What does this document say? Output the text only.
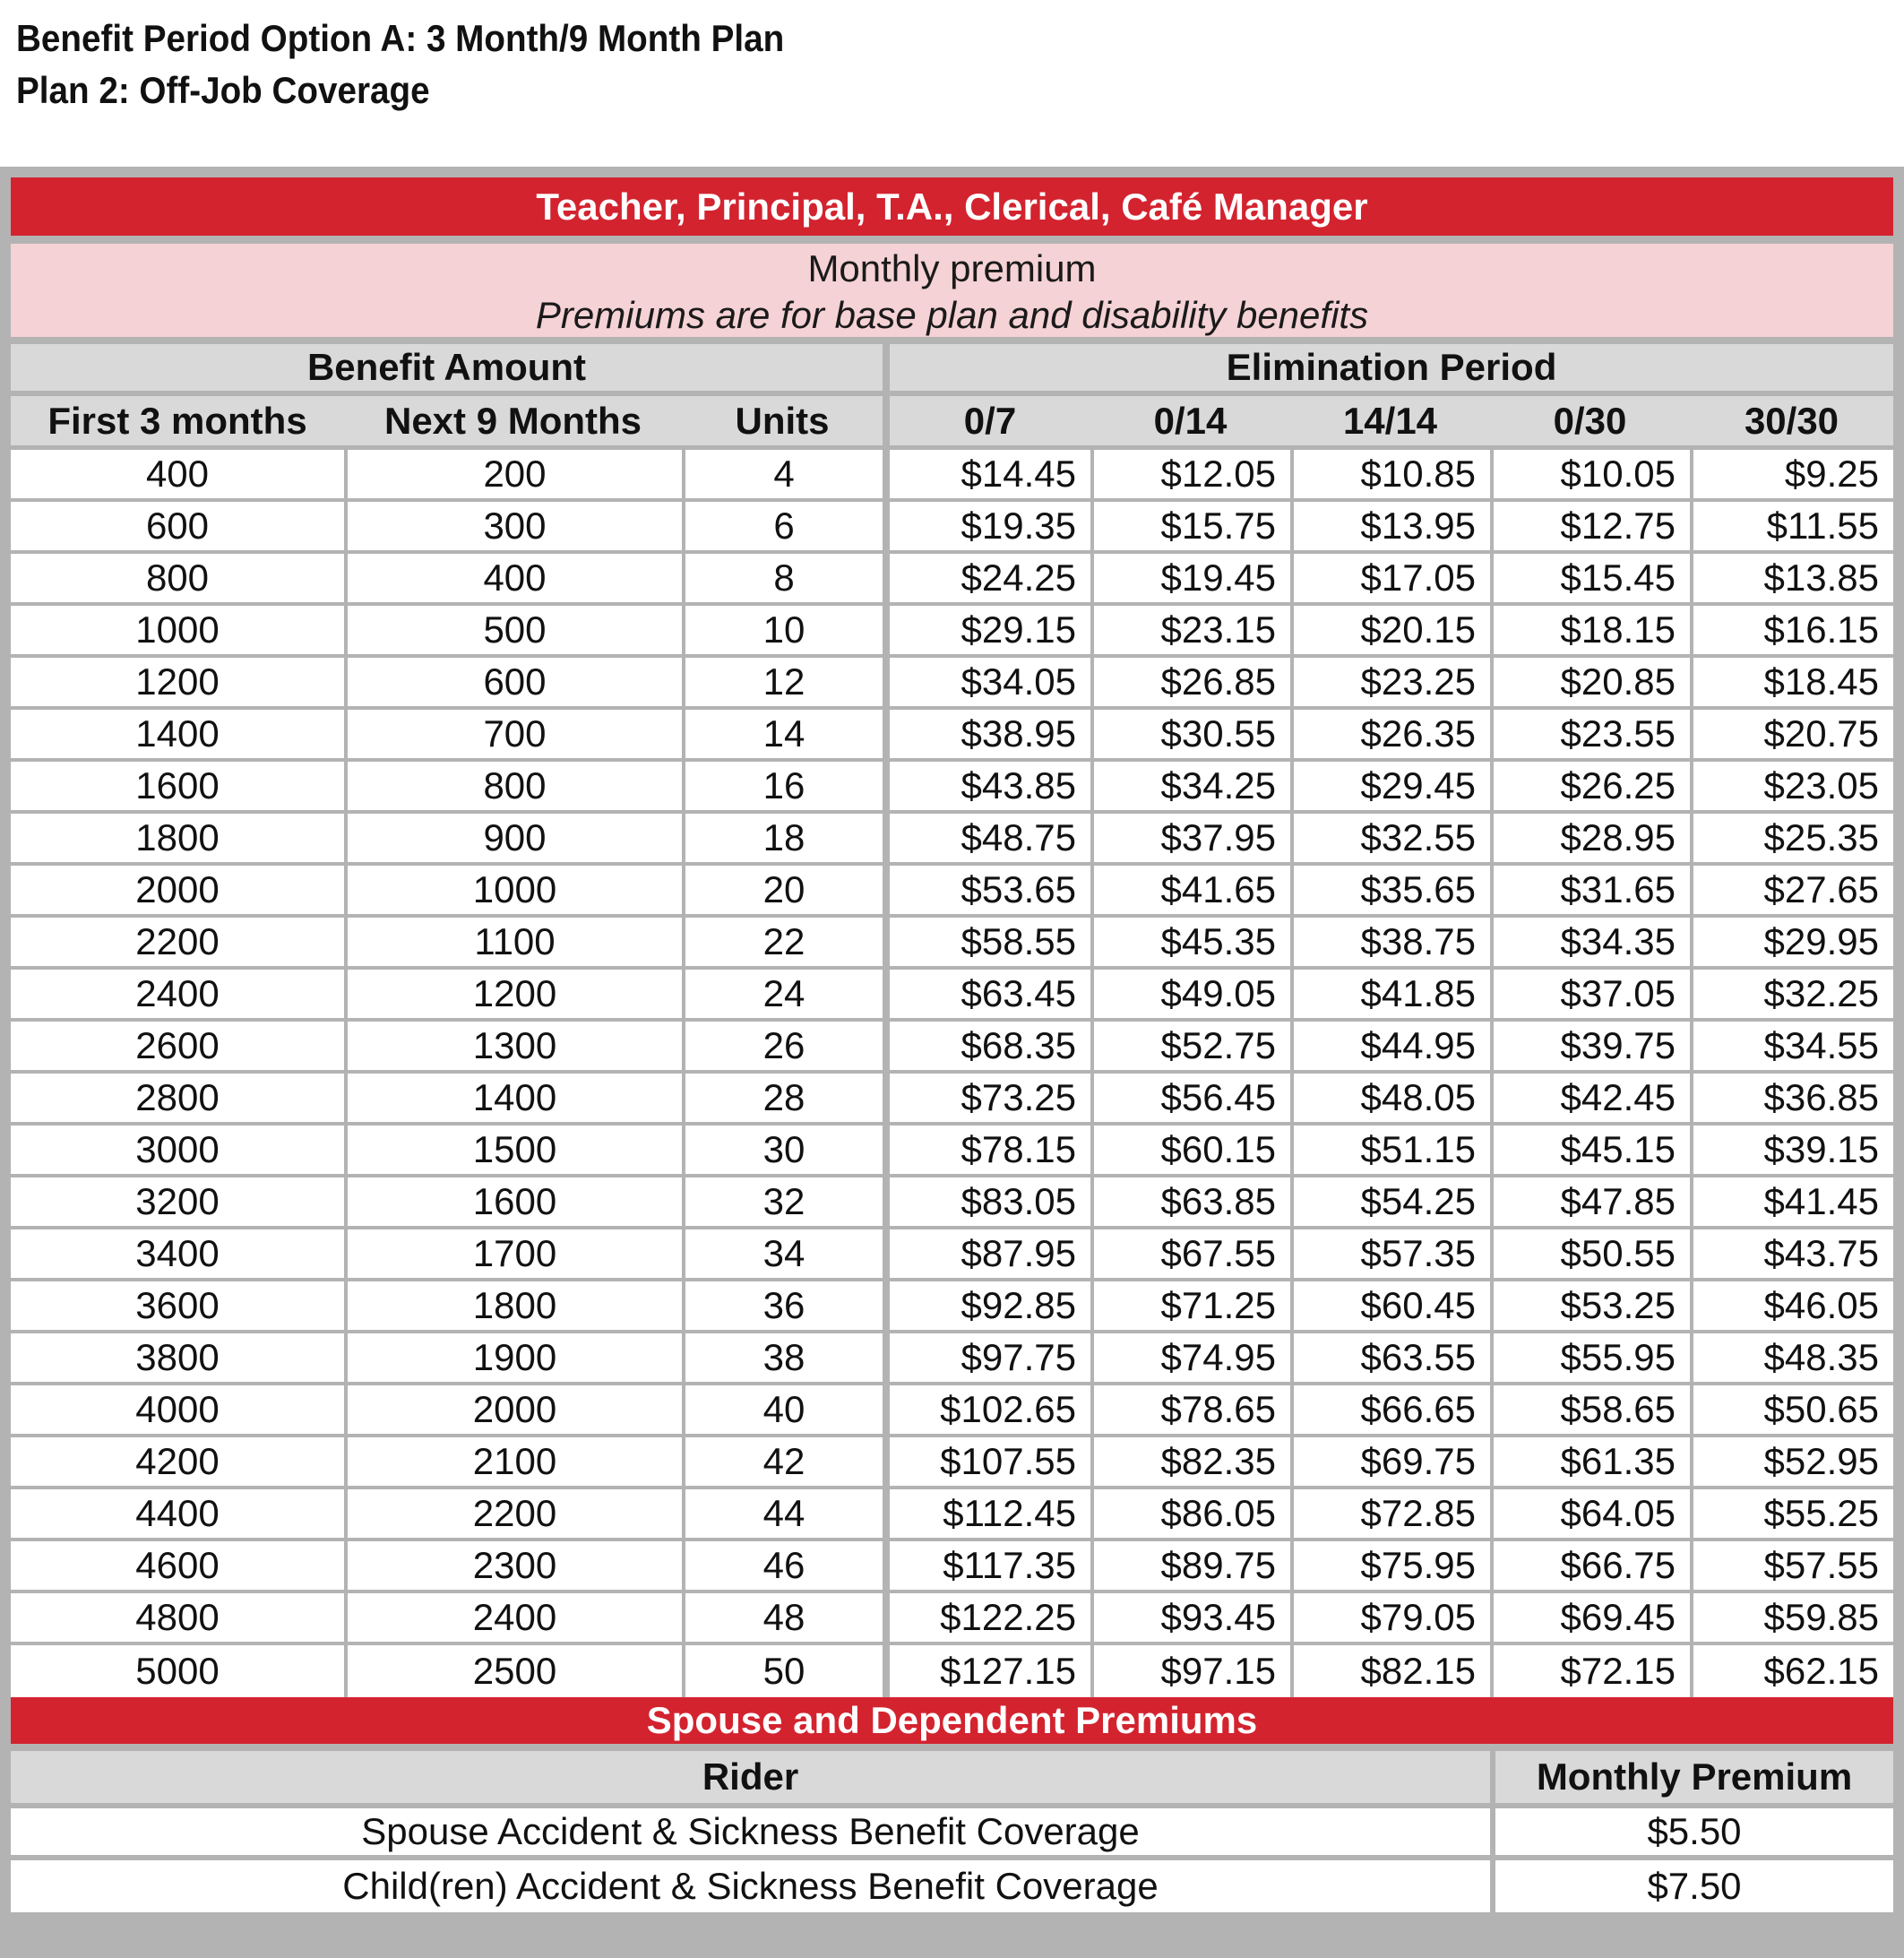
Benefit Period Option A: 3 Month/9 Month Plan
Plan 2: Off-Job Coverage
Teacher, Principal, T.A., Clerical, Café Manager							
Monthly premium							
Premiums are for base plan and disability benefits							
Benefit Amount			Elimination Period				
First 3 months	Next 9 Months	Units	0/7	0/14	14/14	0/30	30/30
400	200	4	$14.45	$12.05	$10.85	$10.05	$9.25
600	300	6	$19.35	$15.75	$13.95	$12.75	$11.55
800	400	8	$24.25	$19.45	$17.05	$15.45	$13.85
1000	500	10	$29.15	$23.15	$20.15	$18.15	$16.15
1200	600	12	$34.05	$26.85	$23.25	$20.85	$18.45
1400	700	14	$38.95	$30.55	$26.35	$23.55	$20.75
1600	800	16	$43.85	$34.25	$29.45	$26.25	$23.05
1800	900	18	$48.75	$37.95	$32.55	$28.95	$25.35
2000	1000	20	$53.65	$41.65	$35.65	$31.65	$27.65
2200	1100	22	$58.55	$45.35	$38.75	$34.35	$29.95
2400	1200	24	$63.45	$49.05	$41.85	$37.05	$32.25
2600	1300	26	$68.35	$52.75	$44.95	$39.75	$34.55
2800	1400	28	$73.25	$56.45	$48.05	$42.45	$36.85
3000	1500	30	$78.15	$60.15	$51.15	$45.15	$39.15
3200	1600	32	$83.05	$63.85	$54.25	$47.85	$41.45
3400	1700	34	$87.95	$67.55	$57.35	$50.55	$43.75
3600	1800	36	$92.85	$71.25	$60.45	$53.25	$46.05
3800	1900	38	$97.75	$74.95	$63.55	$55.95	$48.35
4000	2000	40	$102.65	$78.65	$66.65	$58.65	$50.65
4200	2100	42	$107.55	$82.35	$69.75	$61.35	$52.95
4400	2200	44	$112.45	$86.05	$72.85	$64.05	$55.25
4600	2300	46	$117.35	$89.75	$75.95	$66.75	$57.55
4800	2400	48	$122.25	$93.45	$79.05	$69.45	$59.85
5000	2500	50	$127.15	$97.15	$82.15	$72.15	$62.15
Spouse and Dependent Premiums							
Rider						Monthly Premium	
Spouse Accident & Sickness Benefit Coverage						$5.50	
Child(ren) Accident & Sickness Benefit Coverage						$7.50	
